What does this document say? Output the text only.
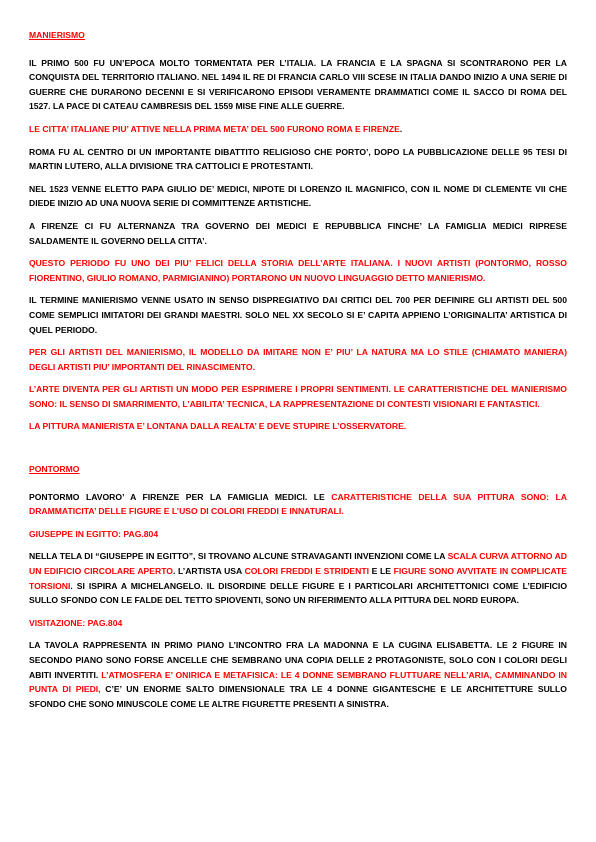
MANIERISMO

IL PRIMO 500 FU UN’EPOCA MOLTO TORMENTATA PER L’ITALIA. LA FRANCIA E LA SPAGNA SI SCONTRARONO PER LA CONQUISTA DEL TERRITORIO ITALIANO. NEL 1494 IL RE DI FRANCIA CARLO VIII SCESE IN ITALIA DANDO INIZIO A UNA SERIE DI GUERRE CHE DURARONO DECENNI E SI VERIFICARONO EPISODI VERAMENTE DRAMMATICI COME IL SACCO DI ROMA DEL 1527. LA PACE DI CATEAU CAMBRESIS DEL 1559 MISE FINE ALLE GUERRE.

LE CITTA’ ITALIANE PIU’ ATTIVE NELLA PRIMA META’ DEL 500 FURONO ROMA E FIRENZE.

ROMA FU AL CENTRO DI UN IMPORTANTE DIBATTITO RELIGIOSO CHE PORTO’, DOPO LA PUBBLICAZIONE DELLE 95 TESI DI MARTIN LUTERO, ALLA DIVISIONE TRA CATTOLICI E PROTESTANTI.

NEL 1523 VENNE ELETTO PAPA GIULIO DE’ MEDICI, NIPOTE DI LORENZO IL MAGNIFICO, CON IL NOME DI CLEMENTE VII CHE DIEDE INIZIO AD UNA NUOVA SERIE DI COMMITTENZE ARTISTICHE.

A FIRENZE CI FU ALTERNANZA TRA GOVERNO DEI MEDICI E REPUBBLICA FINCHE’ LA FAMIGLIA MEDICI RIPRESE SALDAMENTE IL GOVERNO DELLA CITTA’.

QUESTO PERIODO FU UNO DEI PIU’ FELICI DELLA STORIA DELL’ARTE ITALIANA. I NUOVI ARTISTI (PONTORMO, ROSSO FIORENTINO, GIULIO ROMANO, PARMIGIANINO) PORTARONO UN NUOVO LINGUAGGIO DETTO MANIERISMO.

IL TERMINE MANIERISMO VENNE USATO IN SENSO DISPREGIATIVO DAI CRITICI DEL 700 PER DEFINIRE GLI ARTISTI DEL 500 COME SEMPLICI IMITATORI DEI GRANDI MAESTRI. SOLO NEL XX SECOLO SI E’ CAPITA APPIENO L’ORIGINALITA’ ARTISTICA DI QUEL PERIODO.

PER GLI ARTISTI DEL MANIERISMO, IL MODELLO DA IMITARE NON E’ PIU’ LA NATURA MA LO STILE (CHIAMATO MANIERA) DEGLI ARTISTI PIU’ IMPORTANTI DEL RINASCIMENTO.

L’ARTE DIVENTA PER GLI ARTISTI UN MODO PER ESPRIMERE I PROPRI SENTIMENTI. LE CARATTERISTICHE DEL MANIERISMO SONO: IL SENSO DI SMARRIMENTO, L’ABILITA’ TECNICA, LA RAPPRESENTAZIONE DI CONTESTI VISIONARI E FANTASTICI.

LA PITTURA MANIERISTA E’ LONTANA DALLA REALTA’ E DEVE STUPIRE L’OSSERVATORE.

PONTORMO

PONTORMO LAVORO’ A FIRENZE PER LA FAMIGLIA MEDICI. LE CARATTERISTICHE DELLA SUA PITTURA SONO: LA DRAMMATICITA’ DELLE FIGURE E L’USO DI COLORI FREDDI E INNATURALI.

GIUSEPPE IN EGITTO: PAG.804

NELLA TELA DI “GIUSEPPE IN EGITTO”, SI TROVANO ALCUNE STRAVAGANTI INVENZIONI COME LA SCALA CURVA ATTORNO AD UN EDIFICIO CIRCOLARE APERTO. L’ARTISTA USA COLORI FREDDI E STRIDENTI E LE FIGURE SONO AVVITATE IN COMPLICATE TORSIONI. SI ISPIRA A MICHELANGELO. IL DISORDINE DELLE FIGURE E I PARTICOLARI ARCHITETTONICI COME L’EDIFICIO SULLO SFONDO CON LE FALDE DEL TETTO SPIOVENTI, SONO UN RIFERIMENTO ALLA PITTURA DEL NORD EUROPA.

VISITAZIONE: PAG.804

LA TAVOLA RAPPRESENTA IN PRIMO PIANO L’INCONTRO FRA LA MADONNA E LA CUGINA ELISABETTA. LE 2 FIGURE IN SECONDO PIANO SONO FORSE ANCELLE CHE SEMBRANO UNA COPIA DELLE 2 PROTAGONISTE, SOLO CON I COLORI DEGLI ABITI INVERTITI. L’ATMOSFERA E’ ONIRICA E METAFISICA: LE 4 DONNE SEMBRANO FLUTTUARE NELL’ARIA, CAMMINANDO IN PUNTA DI PIEDI, C’E’ UN ENORME SALTO DIMENSIONALE TRA LE 4 DONNE GIGANTESCHE E LE ARCHITETTURE SULLO SFONDO CHE SONO MINUSCOLE COME LE ALTRE FIGURETTE PRESENTI A SINISTRA.
